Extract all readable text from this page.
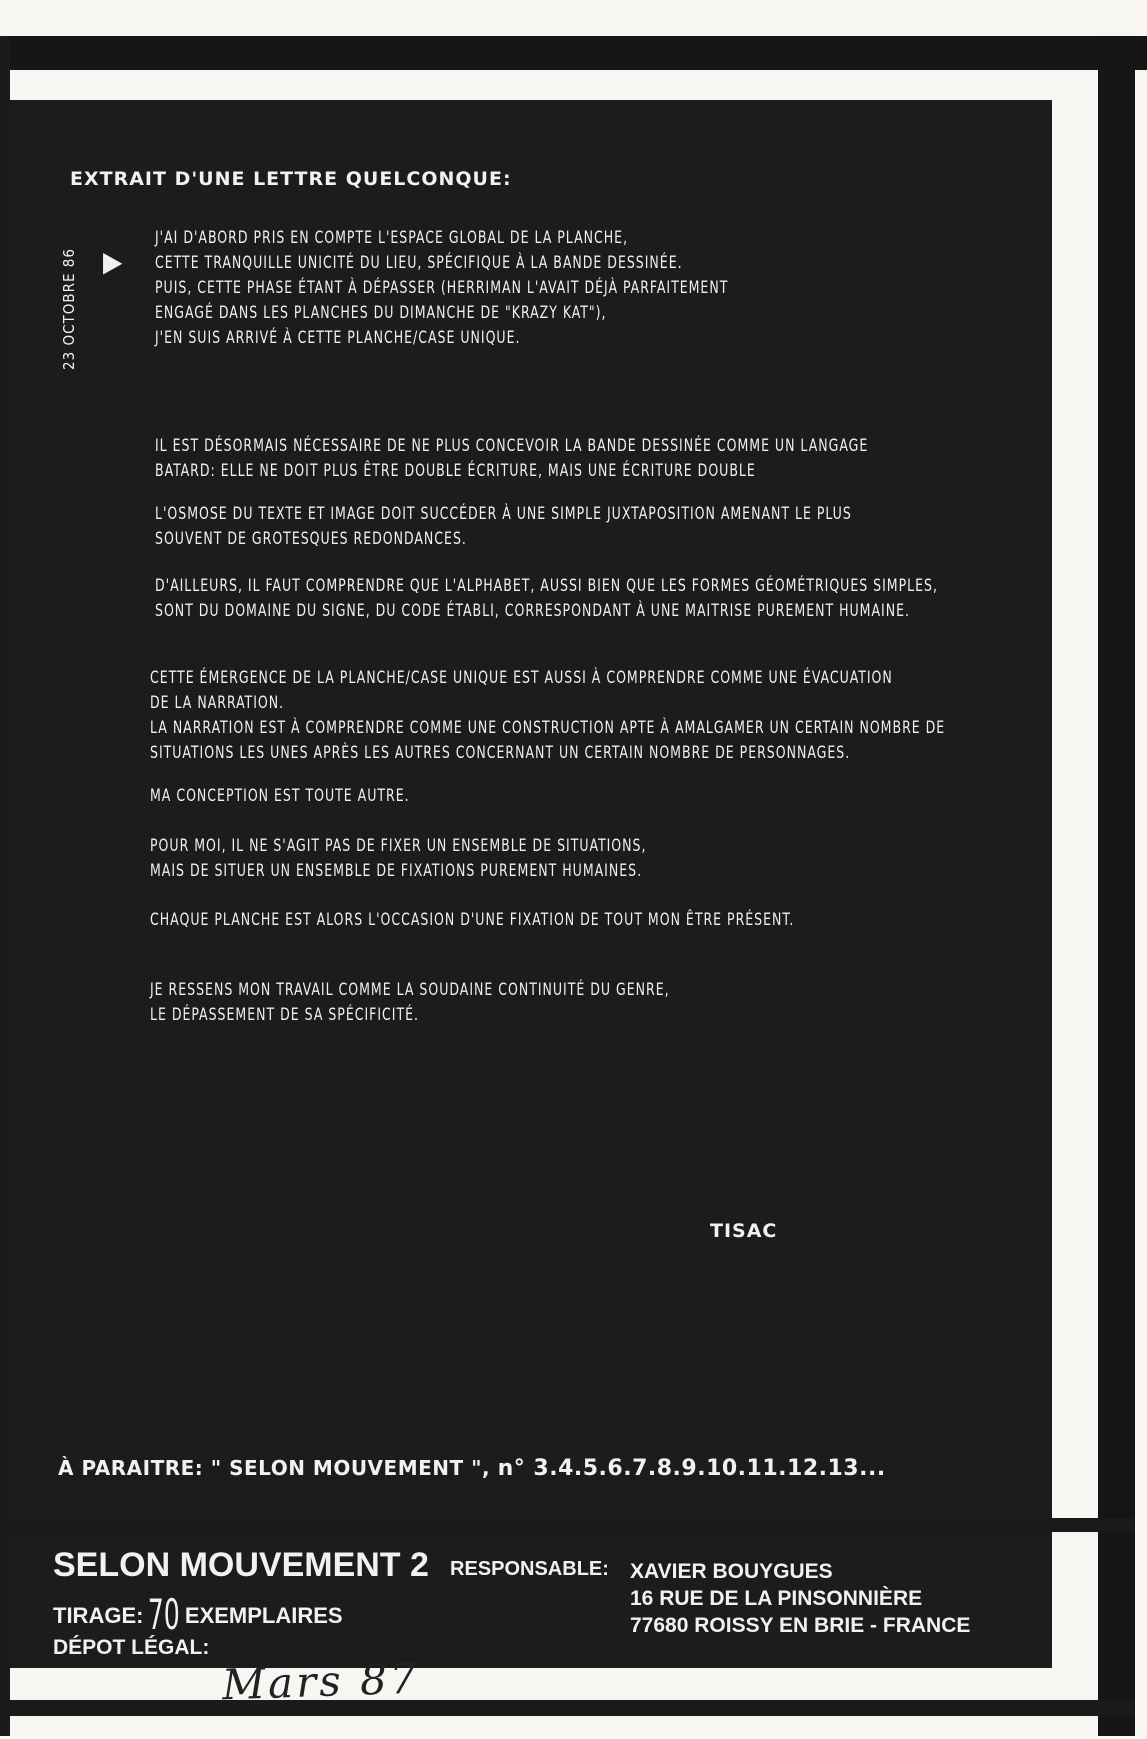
EXTRAIT D'UNE LETTRE QUELCONQUE:
23 OCTOBRE 86 ▶
J'AI D'ABORD PRIS EN COMPTE L'ESPACE GLOBAL DE LA PLANCHE,
CETTE TRANQUILLE UNICITÉ DU LIEU, SPÉCIFIQUE À LA BANDE DESSINÉE.
PUIS, CETTE PHASE ÉTANT À DÉPASSER (HERRIMAN L'AVAIT DÉJÀ PARFAITEMENT
ENGAGÉ DANS LES PLANCHES DU DIMANCHE DE "KRAZY KAT"),
J'EN SUIS ARRIVÉ À CETTE PLANCHE/CASE UNIQUE.
IL EST DÉSORMAIS NÉCESSAIRE DE NE PLUS CONCEVOIR LA BANDE DESSINÉE COMME UN LANGAGE
BATARD: ELLE NE DOIT PLUS ÊTRE DOUBLE ÉCRITURE, MAIS UNE ÉCRITURE DOUBLE
L'OSMOSE DU TEXTE ET IMAGE DOIT SUCCÉDER À UNE SIMPLE JUXTAPOSITION AMENANT LE PLUS
SOUVENT DE GROTESQUES REDONDANCES.
D'AILLEURS, IL FAUT COMPRENDRE QUE L'ALPHABET, AUSSI BIEN QUE LES FORMES GÉOMÉTRIQUES SIMPLES,
SONT DU DOMAINE DU SIGNE, DU CODE ÉTABLI, CORRESPONDANT À UNE MAITRISE PUREMENT HUMAINE.
CETTE ÉMERGENCE DE LA PLANCHE/CASE UNIQUE EST AUSSI À COMPRENDRE COMME UNE ÉVACUATION
DE LA NARRATION.
LA NARRATION EST À COMPRENDRE COMME UNE CONSTRUCTION APTE À AMALGAMER UN CERTAIN NOMBRE DE
SITUATIONS LES UNES APRÈS LES AUTRES CONCERNANT UN CERTAIN NOMBRE DE PERSONNAGES.
MA CONCEPTION EST TOUTE AUTRE.
POUR MOI, IL NE S'AGIT PAS DE FIXER UN ENSEMBLE DE SITUATIONS,
MAIS DE SITUER UN ENSEMBLE DE FIXATIONS PUREMENT HUMAINES.
CHAQUE PLANCHE EST ALORS L'OCCASION D'UNE FIXATION DE TOUT MON ÊTRE PRÉSENT.
JE RESSENS MON TRAVAIL COMME LA SOUDAINE CONTINUITÉ DU GENRE,
LE DÉPASSEMENT DE SA SPÉCIFICITÉ.
TISAC
À PARAITRE: " SELON MOUVEMENT ", n° 3.4.5.6.7.8.9.10.11.12.13...
SELON MOUVEMENT 2
TIRAGE: 70 EXEMPLAIRES
DÉPOT LÉGAL:
RESPONSABLE: XAVIER BOUYGUES
16 RUE DE LA PINSONNIÈRE
77680 ROISSY EN BRIE - FRANCE
Mars 87
